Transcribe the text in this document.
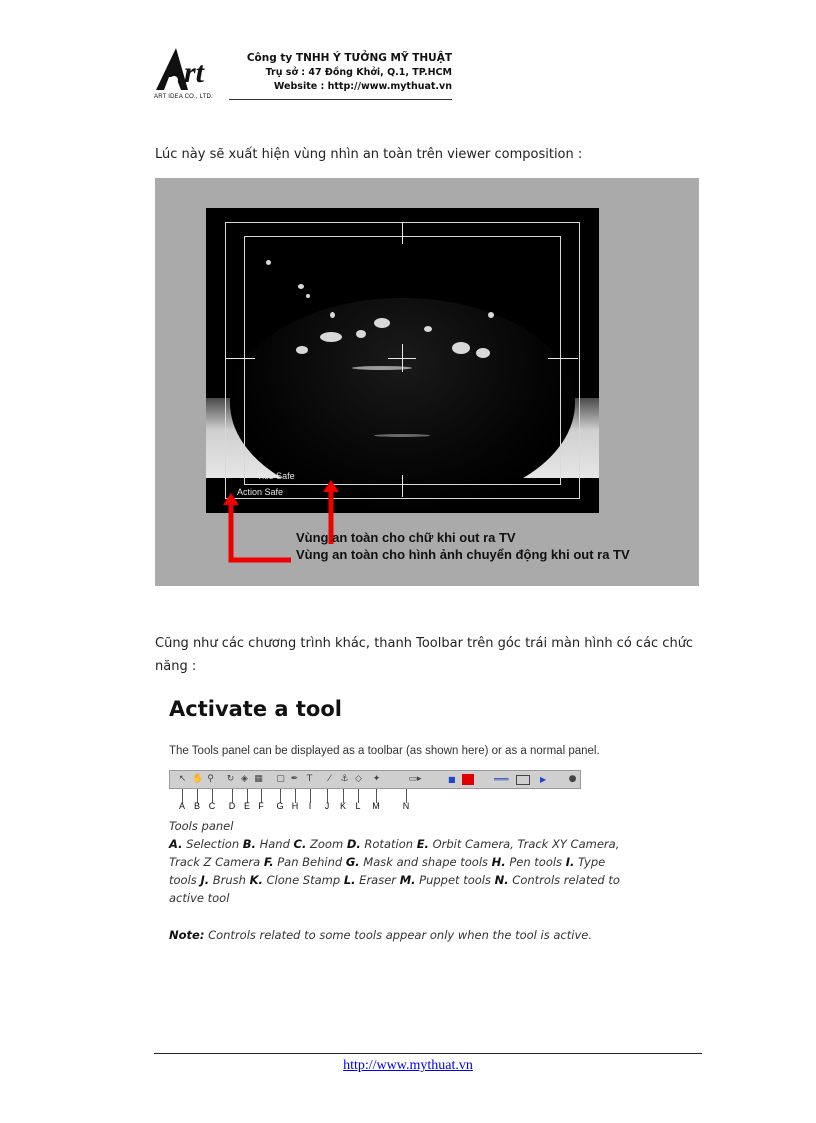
rt
ART IDEA CO., LTD.
Công ty TNHH Ý TƯỞNG MỸ THUẬT
Trụ sở : 47 Đồng Khởi, Q.1, TP.HCM
Website : http://www.mythuat.vn
Lúc này sẽ xuất hiện vùng nhìn an toàn trên viewer composition :
Title Safe
Action Safe
Vùng an toàn cho chữ khi out ra TV
Vùng an toàn cho hình ảnh chuyển động khi out ra TV
Cũng như các chương trình khác, thanh Toolbar trên góc trái màn hình có các chức năng :
Activate a tool
The Tools panel can be displayed as a toolbar (as shown here) or as a normal panel.
↖ ✋ ⚲ ↻ ◈ ▦ ▢ ✒ T	⁄	⚓ ◇ ✦	▭▸	■	═══	▶ ●
A B C D E F G H	I	J	K L M	N
Tools panel
A. Selection B. Hand C. Zoom D. Rotation E. Orbit Camera, Track XY Camera,
Track Z Camera F. Pan Behind G. Mask and shape tools H. Pen tools I. Type
tools J. Brush K. Clone Stamp L. Eraser M. Puppet tools N. Controls related to
active tool
Note: Controls related to some tools appear only when the tool is active.
http://www.mythuat.vn
